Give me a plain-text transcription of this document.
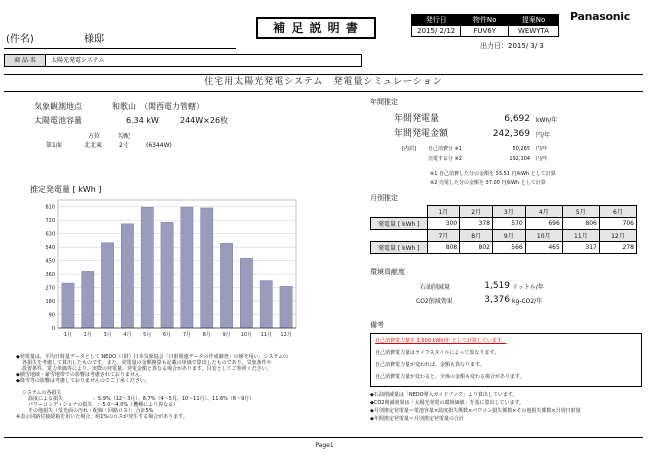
(件名)	様邸
補 足 説 明 書
発行日	物件No	提案No
2015/ 2/12	FUV6Y	WEWYTA
出力日：2015/ 3/ 3
Panasonic
商 品 名	太陽光発電システム
住宅用太陽光発電システム　発電量シミュレーション
気象観測地点	和歌山　（関西電力管轄）
太陽電池容量	6.34 kW	244W×26枚
方位	勾配
第1面	北北東	2寸	(6344W)
推定発電量 [ kWh ]
0
90
180
270
360
450
540
630
720
810
1月 2月 3月 4月 5月 6月 7月 8月 9月 10月 11月 12月
年間推定
年間発電量	6,692 kWh/年
年間発電金額	242,369 円/年
[内訳] 自己消費分 ※1	50,265 円/年
売電する分 ※2	192,104 円/年
※1 自己消費した分の金額を 33.51 円/kWh として計算
※2 売電した分の金額を 37.00 円/kWh として計算
月別推定
	1月	2月	3月	4月	5月	6月
発電量 [ kWh ]	300	378	570	696	806	706
	7月	8月	9月	10月	11月	12月
発電量 [ kWh ]	808	802	566	465	317	278
環境貢献度
石油削減量	1,519 リットル/年
CO2削減効果	3,376 kg-CO2/年
備考
自己消費電力量を 1,500 kWh/年 として計算しています。
自己消費電力量はライフスタイルによって異なります。
自己消費電力量が変われば、金額も異なります。
自己消費電力量が変わると、全体の金額も変わる場合があります。
◆発電量は、平均日射量データとして NEDO（（財）日本気象協会「日射関連データの作成調査」の値を用い、システムの
各損失を考慮して算出したものです。また、発電量の金額換算も記載の単価で算出したものであり、気象条件や
設置条件、電力単価等により、実際の発電量、発電金額と異なる場合があります。目安としてご参照ください。
◆積雪地域・豪雪地帯での影響は考慮されておりません。
◆降雪等の影響は考慮しておりませんのでご了承ください。
システムの各損失
温度による損失　　　　　　：5.9%（12～3月）、8.7%（4～5月、10～11月）、11.6%（6～9月）
パワーコンディショナの損失　：5.0～4.0%（機種により異なる）
その他損失（受光面の汚れ・配線・回路ロス）：合計5%
※表示回路付接続箱を用いた場合、約1%のロスが発生する場合があります。
◆石油削減量は「NEDO導入ガイドブック」より算出しています。
◆CO2削減効果は「太陽光発電の環境価値」を基に算出しています。
◆月別推定発電量＝電池容量×温度損失係数×パワコン損失係数×その他損失係数×月別日射量
◆年間推定発電量＝月別推定発電量の合計
Page1
